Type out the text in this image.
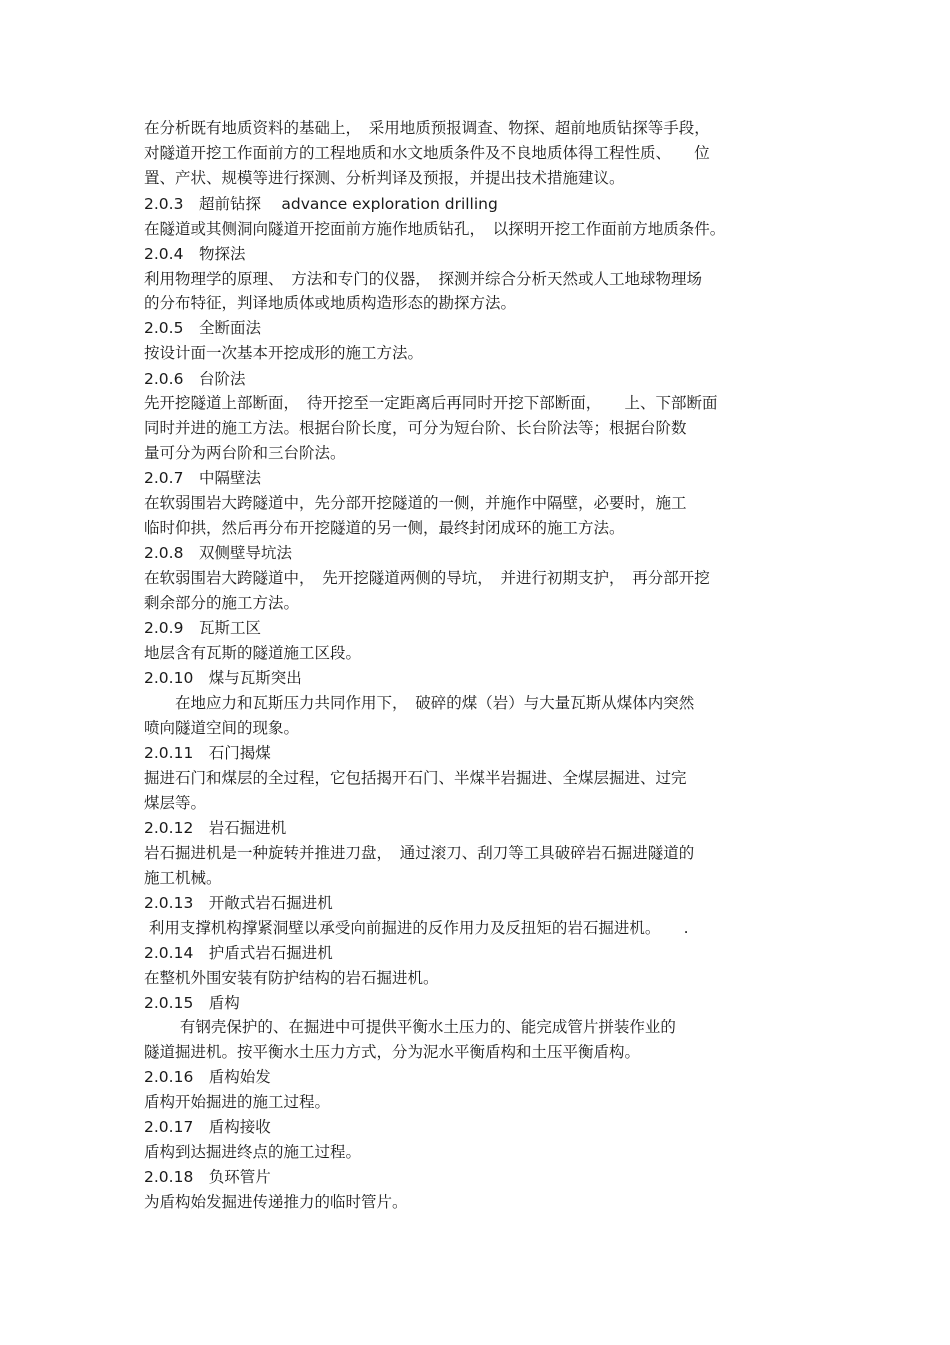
在分析既有地质资料的基础上，　采用地质预报调查、物探、超前地质钻探等手段，
对隧道开挖工作面前方的工程地质和水文地质条件及不良地质体得工程性质、　　位
置、产状、规模等进行探测、分析判译及预报，并提出技术措施建议。
2.0.3　超前钻探　 advance exploration drilling
在隧道或其侧洞向隧道开挖面前方施作地质钻孔，　以探明开挖工作面前方地质条件。
2.0.4　物探法
利用物理学的原理、　方法和专门的仪器，　探测并综合分析天然或人工地球物理场
的分布特征，判译地质体或地质构造形态的勘探方法。
2.0.5　全断面法
按设计面一次基本开挖成形的施工方法。
2.0.6　台阶法
先开挖隧道上部断面，　待开挖至一定距离后再同时开挖下部断面，　　上、下部断面
同时并进的施工方法。根据台阶长度，可分为短台阶、长台阶法等；根据台阶数
量可分为两台阶和三台阶法。
2.0.7　中隔壁法
在软弱围岩大跨隧道中，先分部开挖隧道的一侧，并施作中隔壁，必要时，施工
临时仰拱，然后再分布开挖隧道的另一侧，最终封闭成环的施工方法。
2.0.8　双侧壁导坑法
在软弱围岩大跨隧道中，　先开挖隧道两侧的导坑，　并进行初期支护，　再分部开挖
剩余部分的施工方法。
2.0.9　瓦斯工区
地层含有瓦斯的隧道施工区段。
2.0.10　煤与瓦斯突出
　　在地应力和瓦斯压力共同作用下，　破碎的煤（岩）与大量瓦斯从煤体内突然
喷向隧道空间的现象。
2.0.11　石门揭煤
掘进石门和煤层的全过程，它包括揭开石门、半煤半岩掘进、全煤层掘进、过完
煤层等。
2.0.12　岩石掘进机
岩石掘进机是一种旋转并推进刀盘，　通过滚刀、刮刀等工具破碎岩石掘进隧道的
施工机械。
2.0.13　开敞式岩石掘进机
利用支撑机构撑紧洞壁以承受向前掘进的反作用力及反扭矩的岩石掘进机。　　.
2.0.14　护盾式岩石掘进机
在整机外围安装有防护结构的岩石掘进机。
2.0.15　盾构
　　 有钢壳保护的、在掘进中可提供平衡水土压力的、能完成管片拼装作业的
隧道掘进机。按平衡水土压力方式，分为泥水平衡盾构和土压平衡盾构。
2.0.16　盾构始发
盾构开始掘进的施工过程。
2.0.17　盾构接收
盾构到达掘进终点的施工过程。
2.0.18　负环管片
为盾构始发掘进传递推力的临时管片。
